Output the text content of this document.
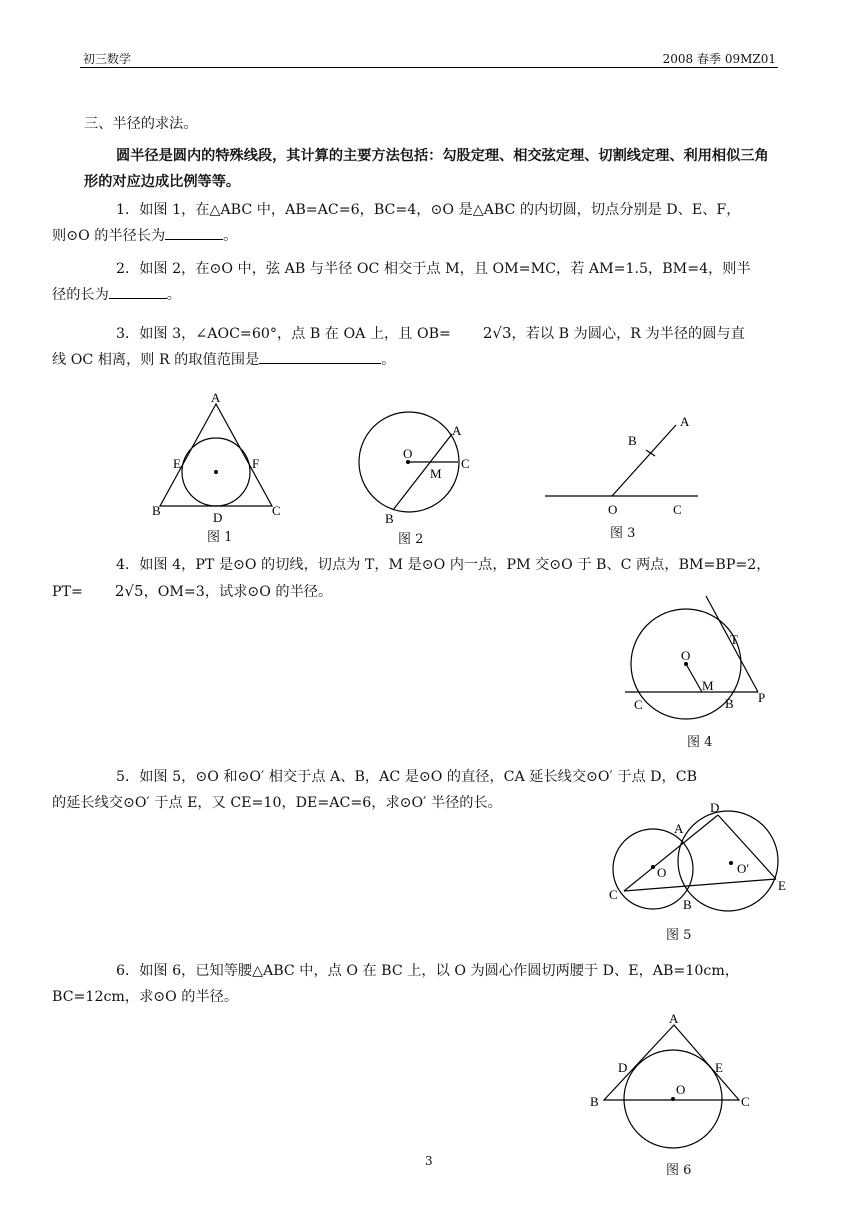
初三数学	2008 春季 09MZ01

三、半径的求法。

圆半径是圆内的特殊线段，其计算的主要方法包括：勾股定理、相交弦定理、切割线定理、利用相似三角形的对应边成比例等等。

1．如图 1，在△ABC 中，AB=AC=6，BC=4，⊙O 是△ABC 的内切圆，切点分别是 D、E、F，
则⊙O 的半径长为	。
2．如图 2，在⊙O 中，弦 AB 与半径 OC 相交于点 M，且 OM=MC，若 AM=1.5，BM=4，则半
径的长为	。
3．如图 3，∠AOC=60°，点 B 在 OA 上，且 OB= 2√3，若以 B 为圆心，R 为半径的圆与直
线 OC 相离，则 R 的取值范围是	。
A
B	C
D
E	F
图 1
O
A
C
M
B
图 2
A
B
O	C
图 3
4．如图 4，PT 是⊙O 的切线，切点为 T，M 是⊙O 内一点，PM 交⊙O 于 B、C 两点，BM=BP=2，
PT= 2√5，OM=3，试求⊙O 的半径。
O
T
M
C	B P
图 4
5．如图 5，⊙O 和⊙O′ 相交于点 A、B，AC 是⊙O 的直径，CA 延长线交⊙O′ 于点 D，CB
的延长线交⊙O′ 于点 E，又 CE=10，DE=AC=6，求⊙O′ 半径的长。	D
A
O	O′
C
B
E
图 5
6．如图 6，已知等腰△ABC 中，点 O 在 BC 上，以 O 为圆心作圆切两腰于 D、E，AB=10cm，
BC=12cm，求⊙O 的半径。
A
D	E
O
B	C
图 6
3
